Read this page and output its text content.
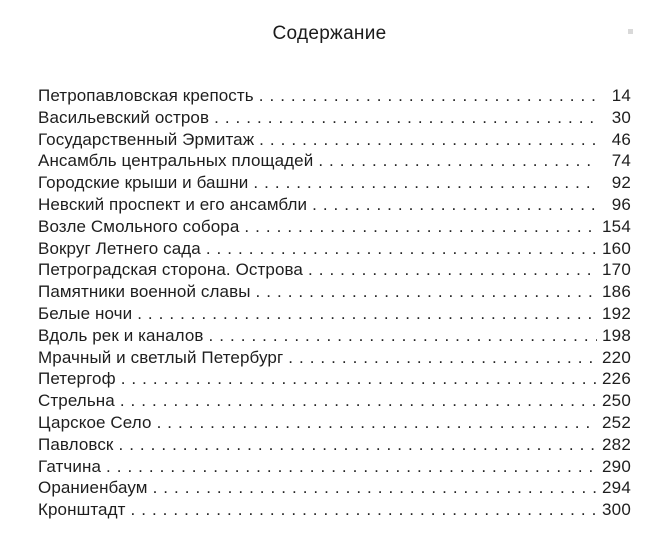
Содержание
Петропавловская крепость .....	14
Васильевский остров .....	30
Государственный Эрмитаж .....	46
Ансамбль центральных площадей .....	74
Городские крыши и башни .....	92
Невский проспект и его ансамбли .....	96
Возле Смольного собора .....	154
Вокруг Летнего сада .....	160
Петроградская сторона. Острова .....	170
Памятники военной славы .....	186
Белые ночи .....	192
Вдоль рек и каналов .....	198
Мрачный и светлый Петербург .....	220
Петергоф .....	226
Стрельна .....	250
Царское Село .....	252
Павловск .....	282
Гатчина .....	290
Ораниенбаум .....	294
Кронштадт .....	300
